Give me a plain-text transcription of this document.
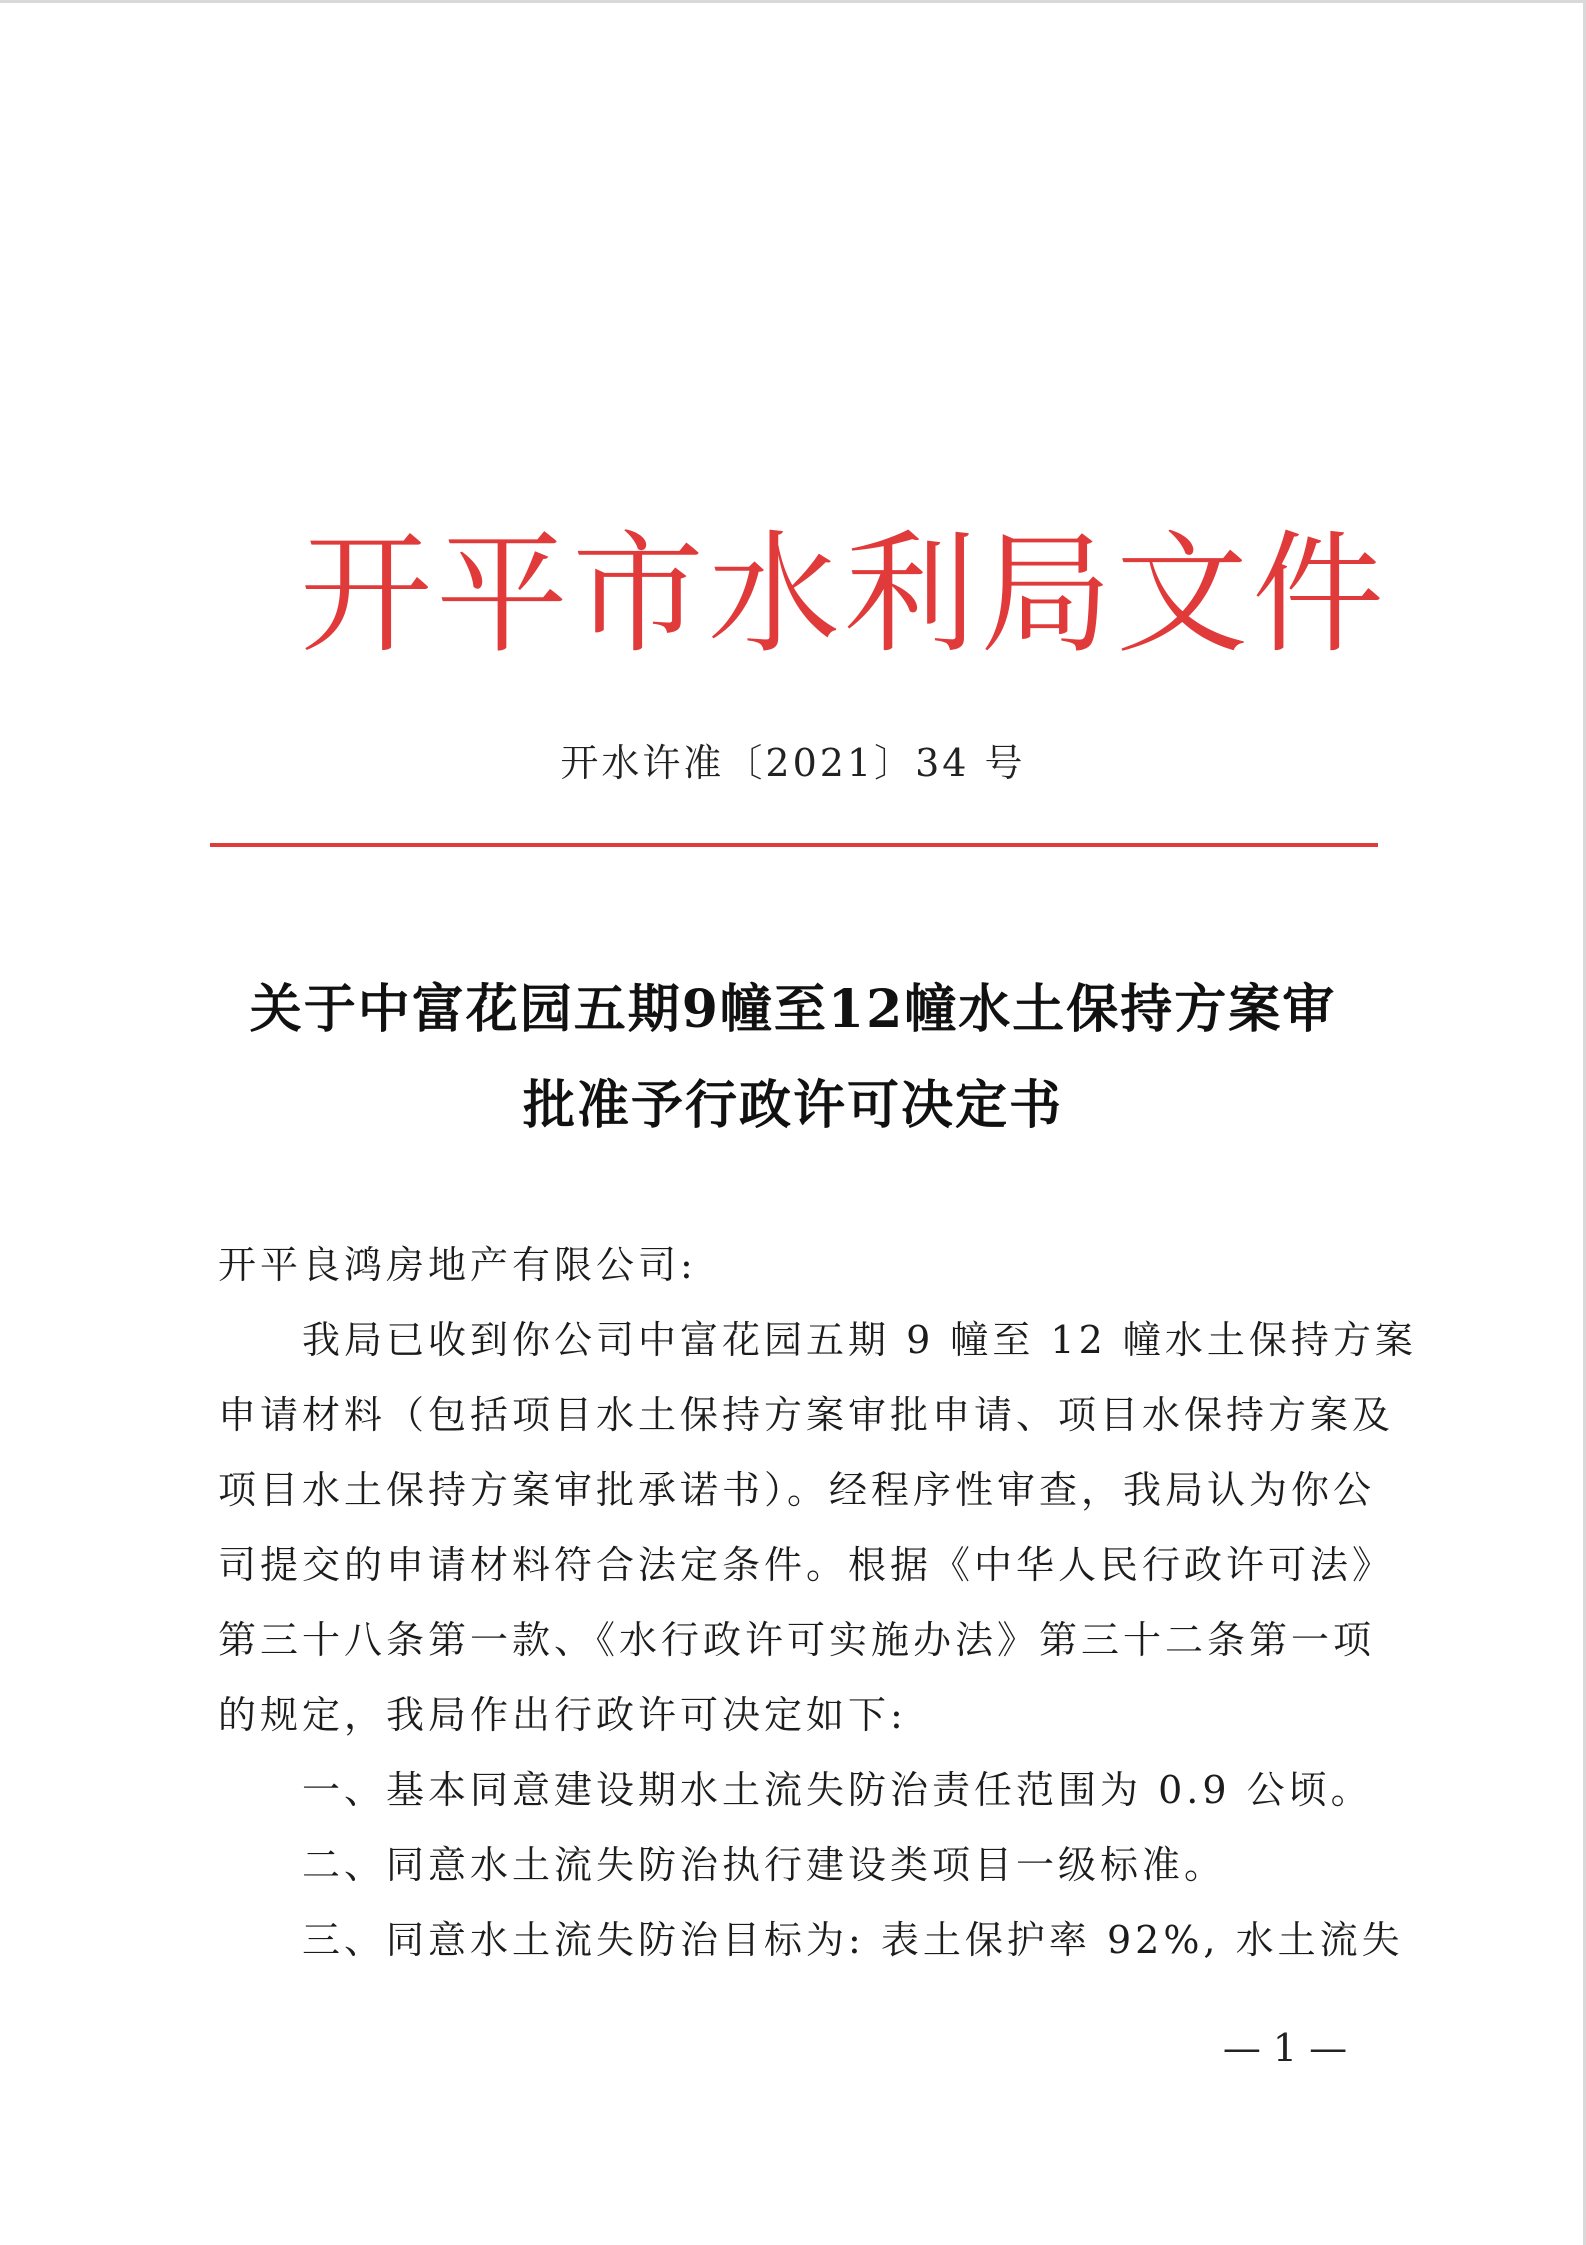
开平市水利局文件
开水许准〔2021〕34 号
关于中富花园五期9幢至12幢水土保持方案审
批准予行政许可决定书

开平良鸿房地产有限公司:

我局已收到你公司中富花园五期 9 幢至 12 幢水土保持方案

申请材料（包括项目水土保持方案审批申请、项目水保持方案及

项目水土保持方案审批承诺书）。经程序性审查，我局认为你公

司提交的申请材料符合法定条件。根据《中华人民行政许可法》

第三十八条第一款、《水行政许可实施办法》第三十二条第一项

的规定，我局作出行政许可决定如下:

一、基本同意建设期水土流失防治责任范围为 0.9 公顷。

二、同意水土流失防治执行建设类项目一级标准。

三、同意水土流失防治目标为: 表土保护率 92%, 水土流失

— 1 —
